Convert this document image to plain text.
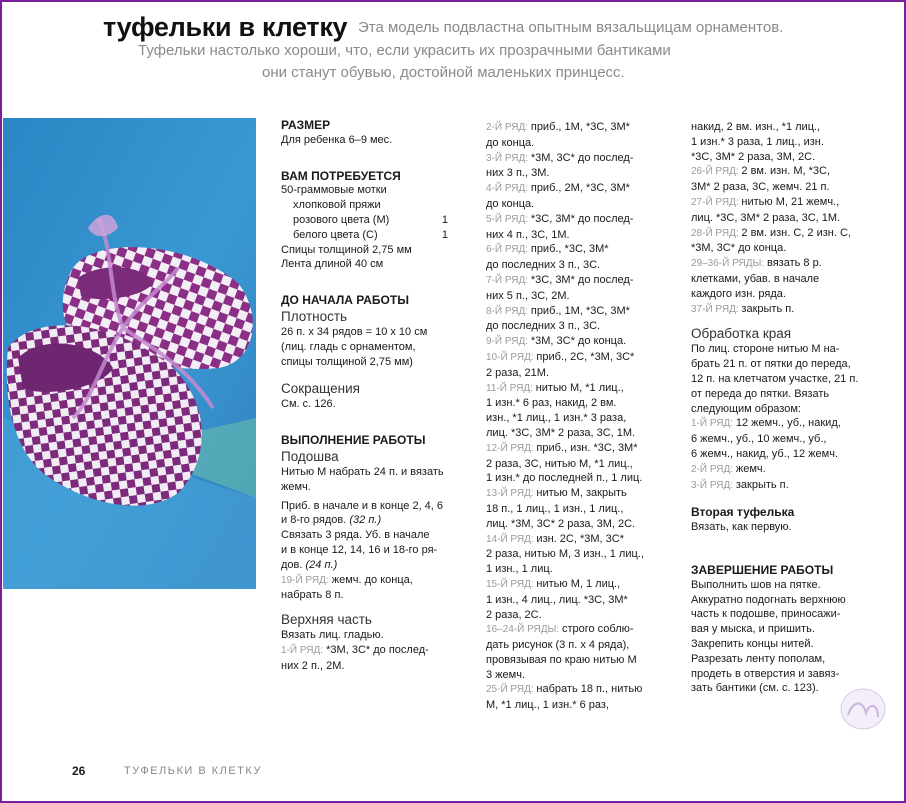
туфельки в клетку Эта модель подвластна опытным вязальщицам орнаментов.
Туфельки настолько хороши, что, если украсить их прозрачными бантиками
они станут обувью, достойной маленьких принцесс.

РАЗМЕР

Для ребенка 6–9 мес.

ВАМ ПОТРЕБУЕТСЯ

50-граммовые мотки

хлопковой пряжи

розового цвета (М)	1

белого цвета (С)	1

Спицы толщиной 2,75 мм

Лента длиной 40 см

ДО НАЧАЛА РАБОТЫ

Плотность

26 п. х 34 рядов = 10 х 10 см

(лиц. гладь с орнаментом,

спицы толщиной 2,75 мм)

Сокращения

См. с. 126.

ВЫПОЛНЕНИЕ РАБОТЫ

Подошва

Нитью М набрать 24 п. и вязать

жемч.

Приб. в начале и в конце 2, 4, 6

и 8-го рядов. (32 п.)

Связать 3 ряда. Уб. в начале

и в конце 12, 14, 16 и 18-го ря-

дов. (24 п.)

19-Й РЯД: жемч. до конца,

набрать 8 п.

Верхняя часть

Вязать лиц. гладью.

1-Й РЯД: *3М, 3С* до послед-

них 2 п., 2М.

2-Й РЯД: приб., 1М, *3С, 3М*

до конца.

3-Й РЯД: *3М, 3С* до послед-

них 3 п., 3М.

4-Й РЯД: приб., 2М, *3С, 3М*

до конца.

5-Й РЯД: *3С, 3М* до послед-

них 4 п., 3С, 1М.

6-Й РЯД: приб., *3С, 3М*

до последних 3 п., 3С.

7-Й РЯД: *3С, 3М* до послед-

них 5 п., 3С, 2М.

8-Й РЯД: приб., 1М, *3С, 3М*

до последних 3 п., 3С.

9-Й РЯД: *3М, 3С* до конца.

10-Й РЯД: приб., 2С, *3М, 3С*

2 раза, 21М.

11-Й РЯД: нитью М, *1 лиц.,

1 изн.* 6 раз, накид, 2 вм.

изн., *1 лиц., 1 изн.* 3 раза,

лиц. *3С, 3М* 2 раза, 3С, 1М.

12-Й РЯД: приб., изн. *3С, 3М*

2 раза, 3С, нитью М, *1 лиц.,

1 изн.* до последней п., 1 лиц.

13-Й РЯД: нитью М, закрыть

18 п., 1 лиц., 1 изн., 1 лиц.,

лиц. *3М, 3С* 2 раза, 3М, 2С.

14-Й РЯД: изн. 2С, *3М, 3С*

2 раза, нитью М, 3 изн., 1 лиц.,

1 изн., 1 лиц.

15-Й РЯД: нитью М, 1 лиц.,

1 изн., 4 лиц., лиц. *3С, 3М*

2 раза, 2С.

16–24-Й РЯДЫ: строго соблю-

дать рисунок (3 п. х 4 ряда),

провязывая по краю нитью М

3 жемч.

25-Й РЯД: набрать 18 п., нитью

М, *1 лиц., 1 изн.* 6 раз,

накид, 2 вм. изн., *1 лиц.,

1 изн.* 3 раза, 1 лиц., изн.

*3С, 3М* 2 раза, 3М, 2С.

26-Й РЯД: 2 вм. изн. М, *3С,

3М* 2 раза, 3С, жемч. 21 п.

27-Й РЯД: нитью М, 21 жемч.,

лиц. *3С, 3М* 2 раза, 3С, 1М.

28-Й РЯД: 2 вм. изн. С, 2 изн. С,

*3М, 3С* до конца.

29–36-Й РЯДЫ: вязать 8 р.

клетками, убав. в начале

каждого изн. ряда.

37-Й РЯД: закрыть п.

Обработка края

По лиц. стороне нитью М на-

брать 21 п. от пятки до переда,

12 п. на клетчатом участке, 21 п.

от переда до пятки. Вязать

следующим образом:

1-Й РЯД: 12 жемч., уб., накид,

6 жемч., уб., 10 жемч., уб.,

6 жемч., накид, уб., 12 жемч.

2-Й РЯД: жемч.

3-Й РЯД: закрыть п.

Вторая туфелька

Вязать, как первую.

ЗАВЕРШЕНИЕ РАБОТЫ

Выполнить шов на пятке.

Аккуратно подогнать верхнюю

часть к подошве, приносажи-

вая у мыска, и пришить.

Закрепить концы нитей.

Разрезать ленту пополам,

продеть в отверстия и завяз-

зать бантики (см. с. 123).

26	ТУФЕЛЬКИ В КЛЕТКУ
